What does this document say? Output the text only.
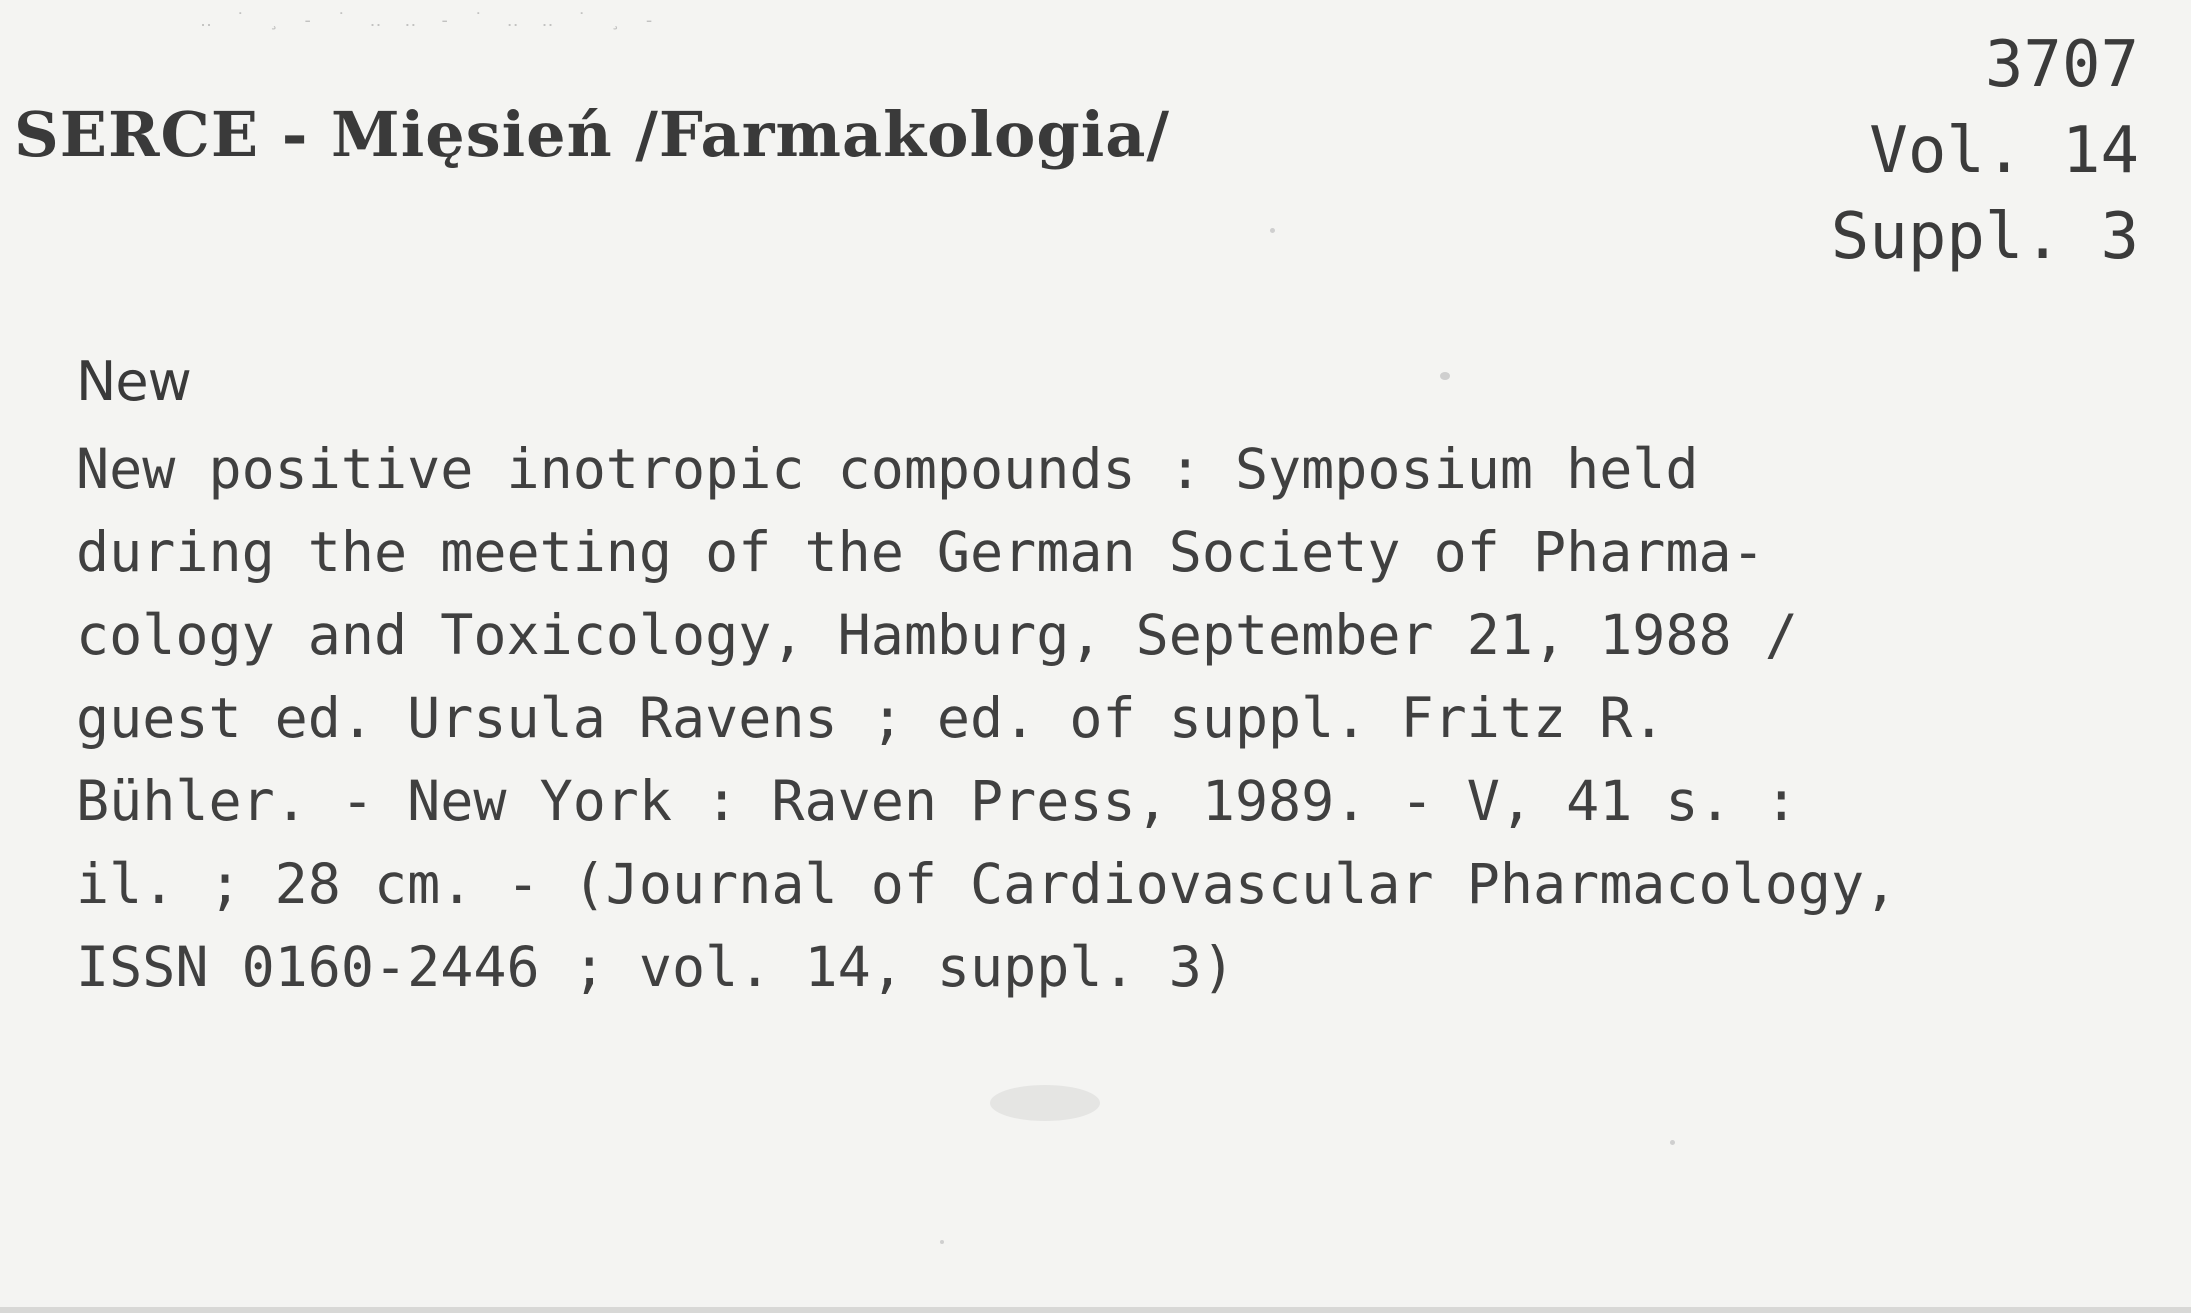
‥ ˙ ¸ ‑ ˙ ‥ ‥ ‑ ˙ ‥ ‥ ˙ ¸ ‑
SERCE - Mięsień /Farmakologia/
3707
Vol. 14
Suppl. 3
New
New positive inotropic compounds : Symposium held
during the meeting of the German Society of Pharma-
cology and Toxicology, Hamburg, September 21, 1988 /
guest ed. Ursula Ravens ; ed. of suppl. Fritz R.
Bühler. - New York : Raven Press, 1989. - V, 41 s. :
il. ; 28 cm. - (Journal of Cardiovascular Pharmacology,
ISSN 0160-2446 ; vol. 14, suppl. 3)
